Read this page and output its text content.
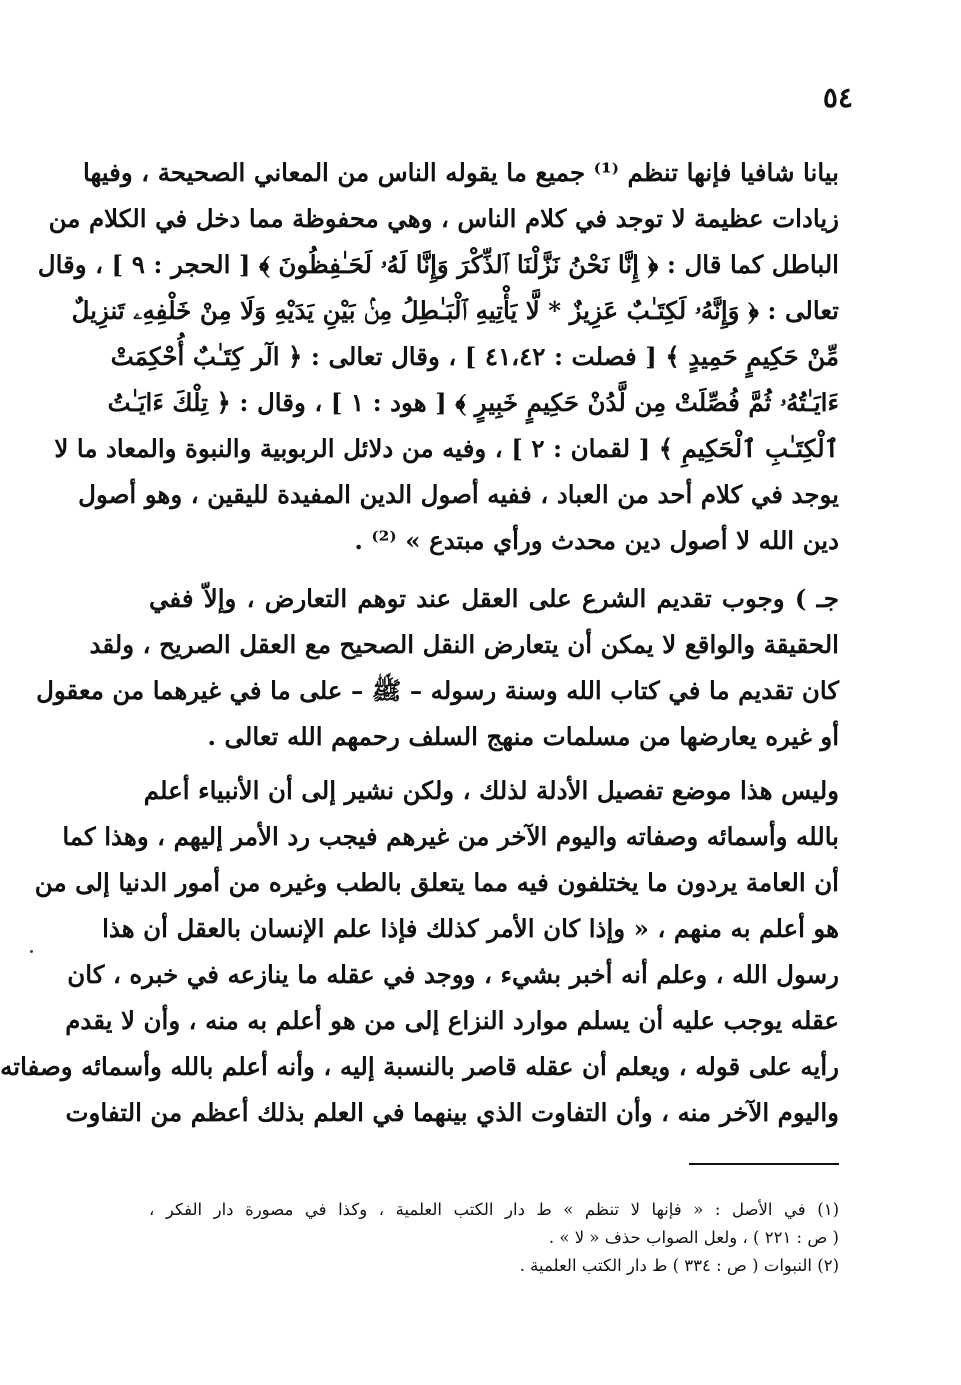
٥٤
بيانا شافيا فإنها تنظم ⁽¹⁾ جميع ما يقوله الناس من المعاني الصحيحة ، وفيها
زيادات عظيمة لا توجد في كلام الناس ، وهي محفوظة مما دخل في الكلام من
الباطل كما قال : ﴿ إِنَّا نَحْنُ نَزَّلْنَا ٱلذِّكْرَ وَإِنَّا لَهُۥ لَحَـٰفِظُونَ ﴾ [ الحجر : ٩ ] ، وقال
تعالى : ﴿ وَإِنَّهُۥ لَكِتَـٰبٌ عَزِيزٌ * لَّا يَأْتِيهِ ٱلْبَـٰطِلُ مِنۢ بَيْنِ يَدَيْهِ وَلَا مِنْ خَلْفِهِۦ تَنزِيلٌ
مِّنْ حَكِيمٍ حَمِيدٍ ﴾ [ فصلت : ٤١،٤٢ ] ، وقال تعالى : ﴿ الٓر كِتَـٰبٌ أُحْكِمَتْ
ءَايَـٰتُهُۥ ثُمَّ فُصِّلَتْ مِن لَّدُنْ حَكِيمٍ خَبِيرٍ ﴾ [ هود : ١ ] ، وقال : ﴿ تِلْكَ ءَايَـٰتُ
ٱلْكِتَـٰبِ ٱلْحَكِيمِ ﴾ [ لقمان : ٢ ] ، وفيه من دلائل الربوبية والنبوة والمعاد ما لا
يوجد في كلام أحد من العباد ، ففيه أصول الدين المفيدة لليقين ، وهو أصول
دين الله لا أصول دين محدث ورأي مبتدع » ⁽²⁾ .
جـ ) وجوب تقديم الشرع على العقل عند توهم التعارض ، وإلاّ ففي
الحقيقة والواقع لا يمكن أن يتعارض النقل الصحيح مع العقل الصريح ، ولقد
كان تقديم ما في كتاب الله وسنة رسوله – ﷺ – على ما في غيرهما من معقول
أو غيره يعارضها من مسلمات منهج السلف رحمهم الله تعالى .
وليس هذا موضع تفصيل الأدلة لذلك ، ولكن نشير إلى أن الأنبياء أعلم
بالله وأسمائه وصفاته واليوم الآخر من غيرهم فيجب رد الأمر إليهم ، وهذا كما
أن العامة يردون ما يختلفون فيه مما يتعلق بالطب وغيره من أمور الدنيا إلى من
هو أعلم به منهم ، « وإذا كان الأمر كذلك فإذا علم الإنسان بالعقل أن هذا
رسول الله ، وعلم أنه أخبر بشيء ، ووجد في عقله ما ينازعه في خبره ، كان
عقله يوجب عليه أن يسلم موارد النزاع إلى من هو أعلم به منه ، وأن لا يقدم
رأيه على قوله ، ويعلم أن عقله قاصر بالنسبة إليه ، وأنه أعلم بالله وأسمائه وصفاته
واليوم الآخر منه ، وأن التفاوت الذي بينهما في العلم بذلك أعظم من التفاوت
(١) في الأصل : « فإنها لا تنظم » ط دار الكتب العلمية ، وكذا في مصورة دار الفكر ،
( ص : ٢٢١ ) ، ولعل الصواب حذف « لا » .
(٢) النبوات ( ص : ٣٣٤ ) ط دار الكتب العلمية .
